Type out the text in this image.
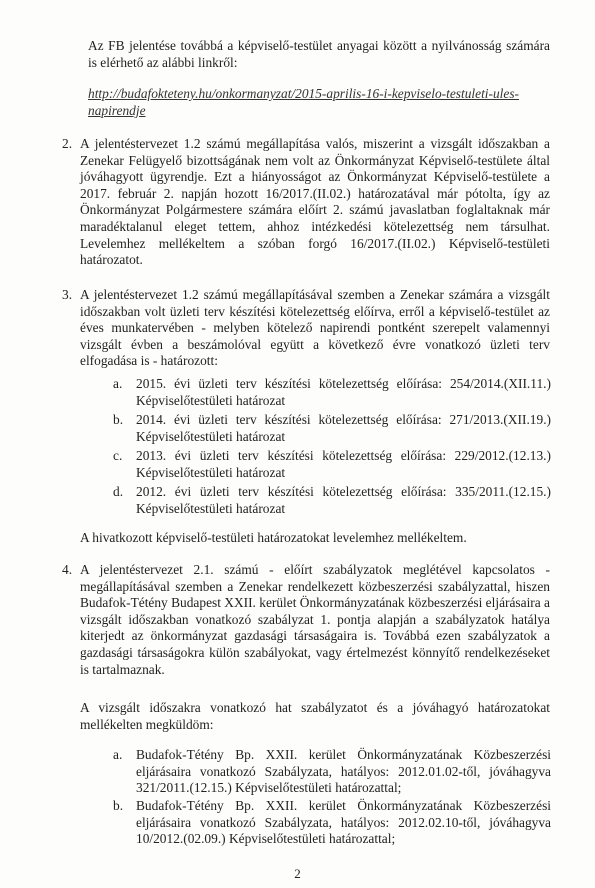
Az FB jelentése továbbá a képviselő-testület anyagai között a nyilvánosság számára is elérhető az alábbi linkről:
http://budafokteteny.hu/onkormanyzat/2015-aprilis-16-i-kepviselo-testuleti-ules-napirendje
2. A jelentéstervezet 1.2 számú megállapítása valós, miszerint a vizsgált időszakban a Zenekar Felügyelő bizottságának nem volt az Önkormányzat Képviselő-testülete által jóváhagyott ügyrendje. Ezt a hiányosságot az Önkormányzat Képviselő-testülete a 2017. február 2. napján hozott 16/2017.(II.02.) határozatával már pótolta, így az Önkormányzat Polgármestere számára előírt 2. számú javaslatban foglaltaknak már maradéktalanul eleget tettem, ahhoz intézkedési kötelezettség nem társulhat. Levelemhez mellékeltem a szóban forgó 16/2017.(II.02.) Képviselő-testületi határozatot.
3. A jelentéstervezet 1.2 számú megállapításával szemben a Zenekar számára a vizsgált időszakban volt üzleti terv készítési kötelezettség előírva, erről a képviselő-testület az éves munkatervében - melyben kötelező napirendi pontként szerepelt valamennyi vizsgált évben a beszámolóval együtt a következő évre vonatkozó üzleti terv elfogadása is - határozott:
a. 2015. évi üzleti terv készítési kötelezettség előírása: 254/2014.(XII.11.) Képviselőtestületi határozat
b. 2014. évi üzleti terv készítési kötelezettség előírása: 271/2013.(XII.19.) Képviselőtestületi határozat
c. 2013. évi üzleti terv készítési kötelezettség előírása: 229/2012.(12.13.) Képviselőtestületi határozat
d. 2012. évi üzleti terv készítési kötelezettség előírása: 335/2011.(12.15.) Képviselőtestületi határozat
A hivatkozott képviselő-testületi határozatokat levelemhez mellékeltem.
4. A jelentéstervezet 2.1. számú - előírt szabályzatok meglétével kapcsolatos - megállapításával szemben a Zenekar rendelkezett közbeszerzési szabályzattal, hiszen Budafok-Tétény Budapest XXII. kerület Önkormányzatának közbeszerzési eljárásaira a vizsgált időszakban vonatkozó szabályzat 1. pontja alapján a szabályzatok hatálya kiterjedt az önkormányzat gazdasági társaságaira is. Továbbá ezen szabályzatok a gazdasági társaságokra külön szabályokat, vagy értelmezést könnyítő rendelkezéseket is tartalmaznak.
A vizsgált időszakra vonatkozó hat szabályzatot és a jóváhagyó határozatokat mellékelten megküldöm:
a. Budafok-Tétény Bp. XXII. kerület Önkormányzatának Közbeszerzési eljárásaira vonatkozó Szabályzata, hatályos: 2012.01.02-től, jóváhagyva 321/2011.(12.15.) Képviselőtestületi határozattal;
b. Budafok-Tétény Bp. XXII. kerület Önkormányzatának Közbeszerzési eljárásaira vonatkozó Szabályzata, hatályos: 2012.02.10-től, jóváhagyva 10/2012.(02.09.) Képviselőtestületi határozattal;
2
